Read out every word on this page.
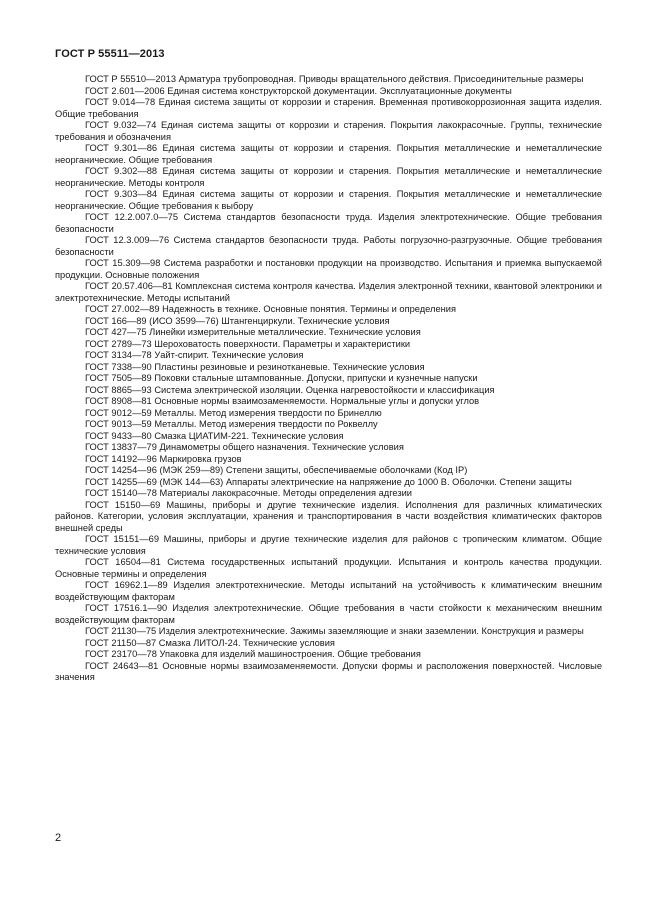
ГОСТ Р 55511—2013

ГОСТ Р 55510—2013 Арматура трубопроводная. Приводы вращательного действия. Присоединительные размеры

ГОСТ 2.601—2006 Единая система конструкторской документации. Эксплуатационные документы

ГОСТ 9.014—78 Единая система защиты от коррозии и старения. Временная противокоррозионная защита изделия. Общие требования

ГОСТ 9.032—74 Единая система защиты от коррозии и старения. Покрытия лакокрасочные. Группы, технические требования и обозначения

ГОСТ 9.301—86 Единая система защиты от коррозии и старения. Покрытия металлические и неметаллические неорганические. Общие требования

ГОСТ 9.302—88 Единая система защиты от коррозии и старения. Покрытия металлические и неметаллические неорганические. Методы контроля

ГОСТ 9.303—84 Единая система защиты от коррозии и старения. Покрытия металлические и неметаллические неорганические. Общие требования к выбору

ГОСТ 12.2.007.0—75 Система стандартов безопасности труда. Изделия электротехнические. Общие требования безопасности

ГОСТ 12.3.009—76 Система стандартов безопасности труда. Работы погрузочно-разгрузочные. Общие требования безопасности

ГОСТ 15.309—98 Система разработки и постановки продукции на производство. Испытания и приемка выпускаемой продукции. Основные положения

ГОСТ 20.57.406—81 Комплексная система контроля качества. Изделия электронной техники, квантовой электроники и электротехнические. Методы испытаний

ГОСТ 27.002—89 Надежность в технике. Основные понятия. Термины и определения

ГОСТ 166—89 (ИСО 3599—76) Штангенциркули. Технические условия

ГОСТ 427—75 Линейки измерительные металлические. Технические условия

ГОСТ 2789—73 Шероховатость поверхности. Параметры и характеристики

ГОСТ 3134—78 Уайт-спирит. Технические условия

ГОСТ 7338—90 Пластины резиновые и резинотканевые. Технические условия

ГОСТ 7505—89 Поковки стальные штампованные. Допуски, припуски и кузнечные напуски

ГОСТ 8865—93 Система электрической изоляции. Оценка нагревостойкости и классификация

ГОСТ 8908—81 Основные нормы взаимозаменяемости. Нормальные углы и допуски углов

ГОСТ 9012—59 Металлы. Метод измерения твердости по Бринеллю

ГОСТ 9013—59 Металлы. Метод измерения твердости по Роквеллу

ГОСТ 9433—80 Смазка ЦИАТИМ-221. Технические условия

ГОСТ 13837—79 Динамометры общего назначения. Технические условия

ГОСТ 14192—96 Маркировка грузов

ГОСТ 14254—96 (МЭК 259—89) Степени защиты, обеспечиваемые оболочками (Код IP)

ГОСТ 14255—69 (МЭК 144—63) Аппараты электрические на напряжение до 1000 В. Оболочки. Степени защиты

ГОСТ 15140—78 Материалы лакокрасочные. Методы определения адгезии

ГОСТ 15150—69 Машины, приборы и другие технические изделия. Исполнения для различных климатических районов. Категории, условия эксплуатации, хранения и транспортирования в части воздействия климатических факторов внешней среды

ГОСТ 15151—69 Машины, приборы и другие технические изделия для районов с тропическим климатом. Общие технические условия

ГОСТ 16504—81 Система государственных испытаний продукции. Испытания и контроль качества продукции. Основные термины и определения

ГОСТ 16962.1—89 Изделия электротехнические. Методы испытаний на устойчивость к климатическим внешним воздействующим факторам

ГОСТ 17516.1—90 Изделия электротехнические. Общие требования в части стойкости к механическим внешним воздействующим факторам

ГОСТ 21130—75 Изделия электротехнические. Зажимы заземляющие и знаки заземлении. Конструкция и размеры

ГОСТ 21150—87 Смазка ЛИТОЛ-24. Технические условия

ГОСТ 23170—78 Упаковка для изделий машиностроения. Общие требования

ГОСТ 24643—81 Основные нормы взаимозаменяемости. Допуски формы и расположения поверхностей. Числовые значения

2
